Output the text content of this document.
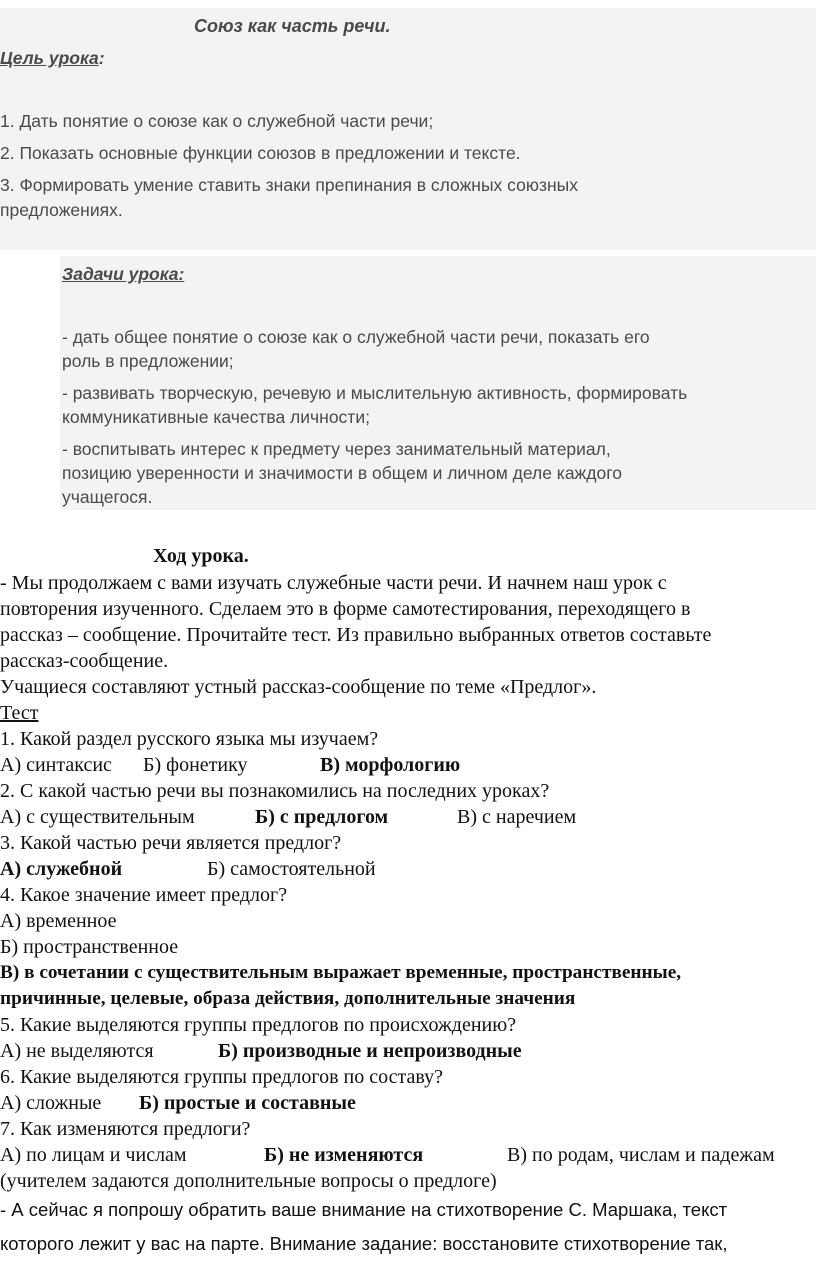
Союз как часть речи.
Цель урока:
1. Дать понятие о союзе как о служебной части речи;
2. Показать основные функции союзов в предложении и тексте.
3. Формировать умение ставить знаки препинания в сложных союзных
предложениях.
Задачи урока:
- дать общее понятие о союзе как о служебной части речи, показать его
роль в предложении;
- развивать творческую, речевую и мыслительную активность, формировать
коммуникативные качества личности;
- воспитывать интерес к предмету через занимательный материал,
позицию уверенности и значимости в общем и личном деле каждого
учащегося.
Ход урока.
- Мы продолжаем с вами изучать служебные части речи. И начнем наш урок с
повторения изученного. Сделаем это в форме самотестирования, переходящего в
рассказ – сообщение. Прочитайте тест. Из правильно выбранных ответов составьте
рассказ-сообщение.
Учащиеся составляют устный рассказ-сообщение по теме «Предлог».
Тест
1. Какой раздел русского языка мы изучаем?
А) синтаксис Б) фонетику	В) морфологию
2. С какой частью речи вы познакомились на последних уроках?
А) с существительным	Б) с предлогом	В) с наречием
3. Какой частью речи является предлог?
А) служебной	Б) самостоятельной
4. Какое значение имеет предлог?
А) временное
Б) пространственное
В) в сочетании с существительным выражает временные, пространственные,
причинные, целевые, образа действия, дополнительные значения
5. Какие выделяются группы предлогов по происхождению?
А) не выделяются	Б) производные и непроизводные
6. Какие выделяются группы предлогов по составу?
А) сложные Б) простые и составные
7. Как изменяются предлоги?
А) по лицам и числам	Б) не изменяются	В) по родам, числам и падежам
(учителем задаются дополнительные вопросы о предлоге)
- А сейчас я попрошу обратить ваше внимание на стихотворение С. Маршака, текст
которого лежит у вас на парте. Внимание задание: восстановите стихотворение так,
